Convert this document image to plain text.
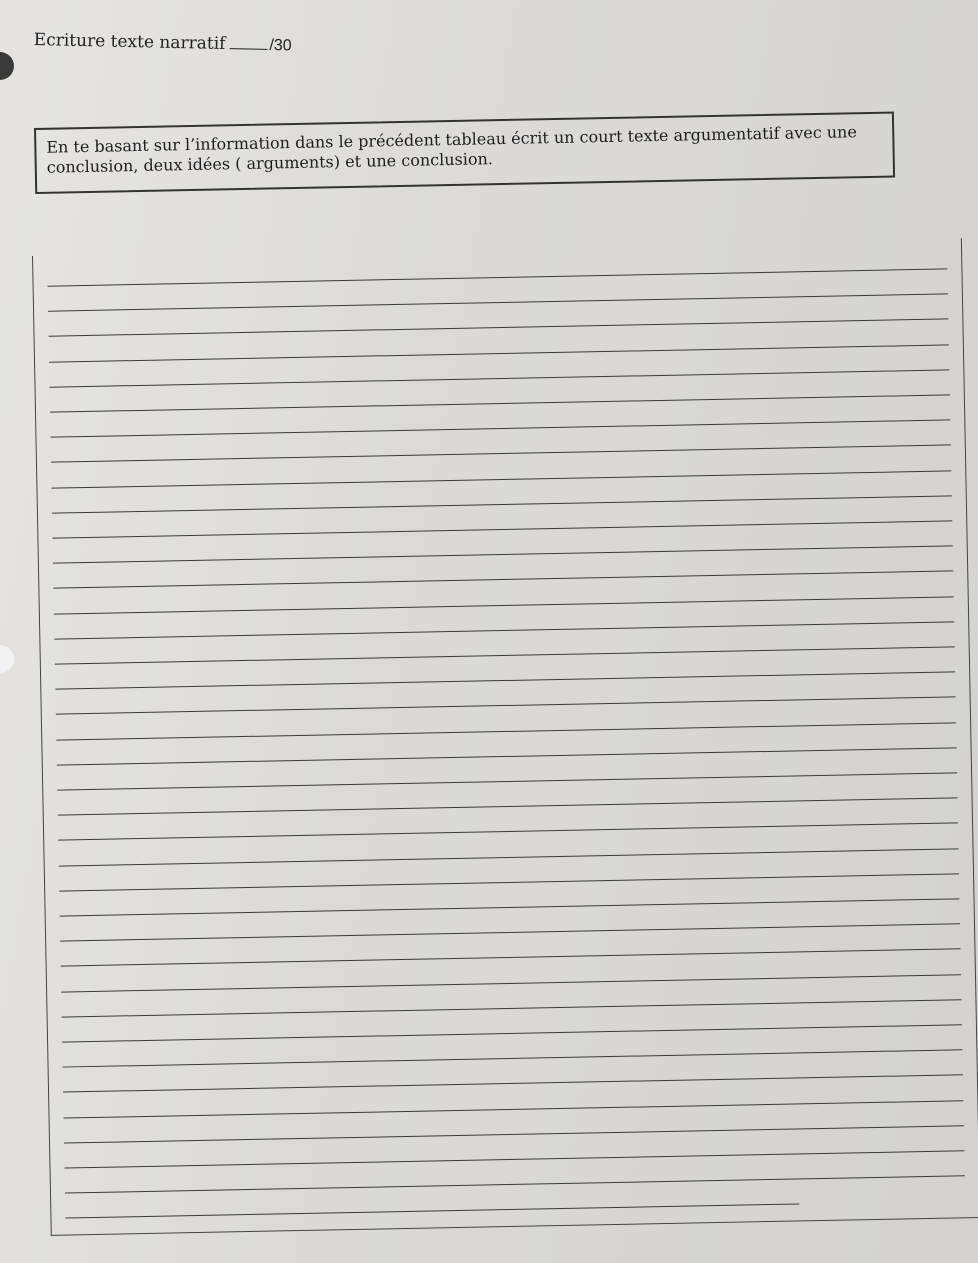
Ecriture texte narratif	/30
En te basant sur l’information dans le précédent tableau écrit un court texte argumentatif avec une conclusion, deux idées ( arguments) et une conclusion.
